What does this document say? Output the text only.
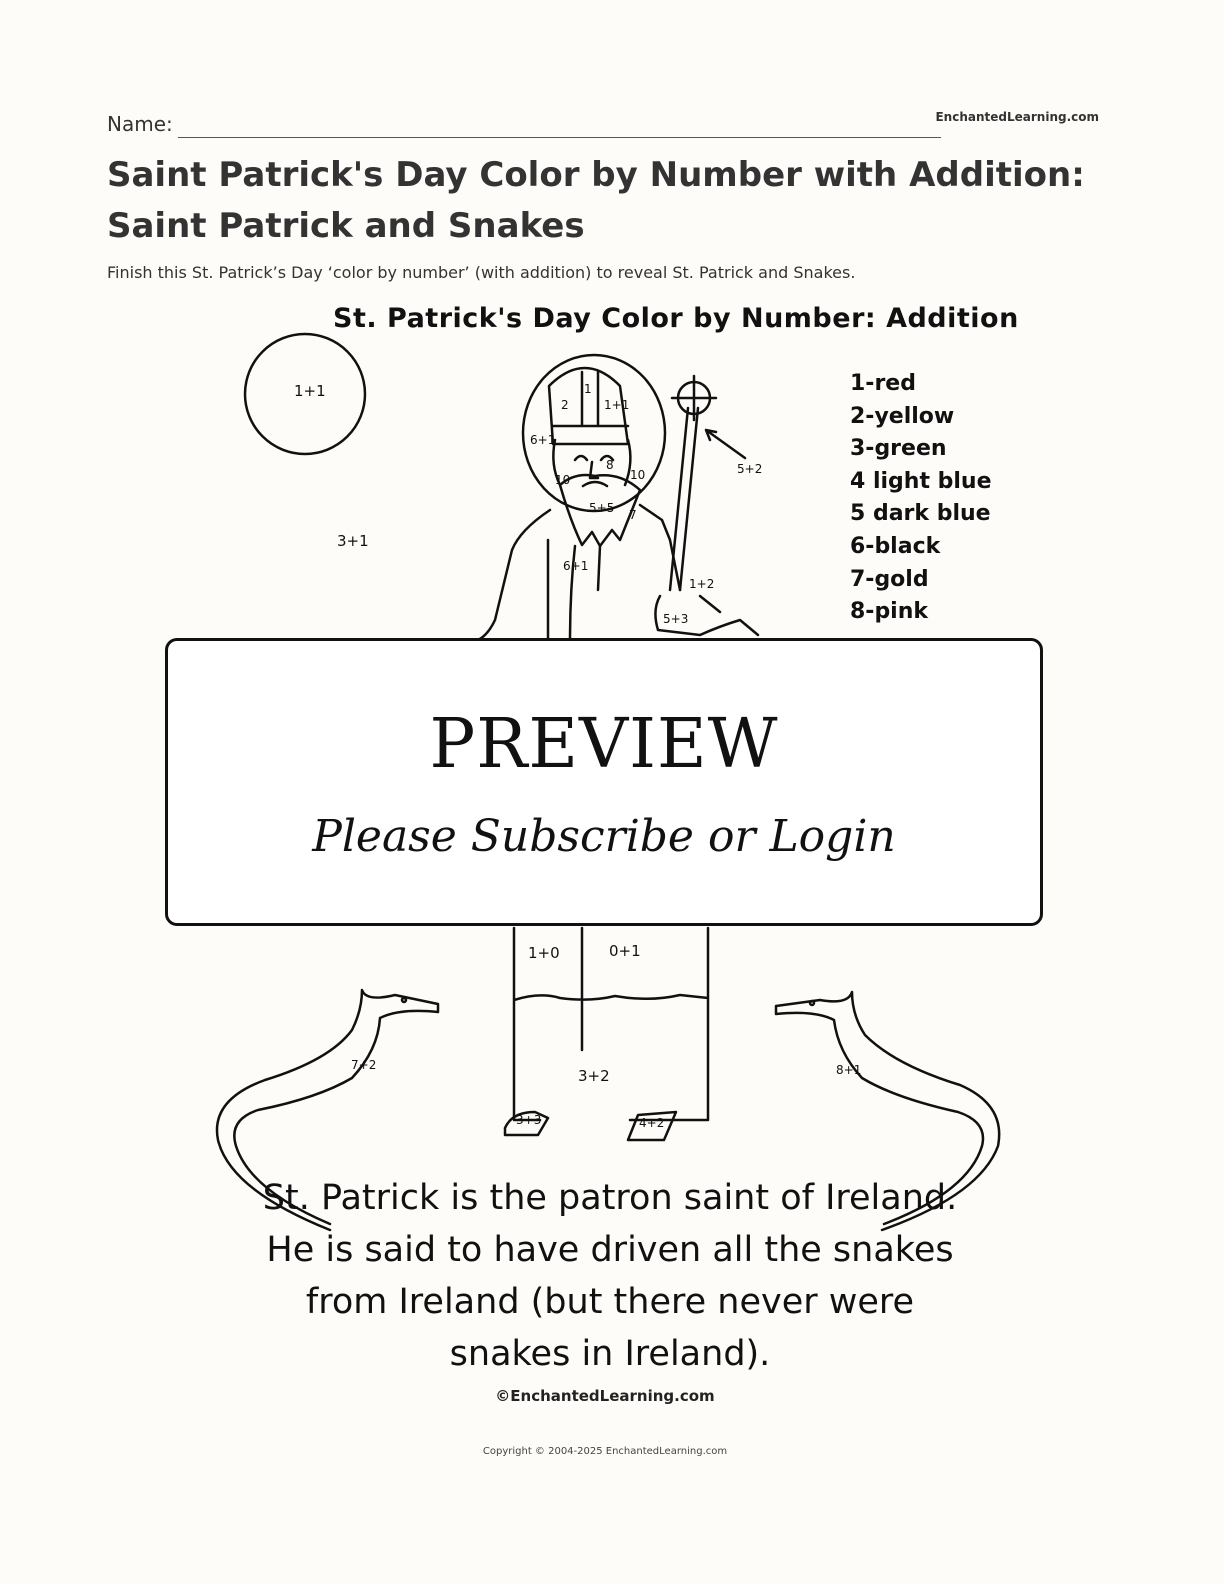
Name:	EnchantedLearning.com
Saint Patrick's Day Color by Number with Addition: Saint Patrick and Snakes
Finish this St. Patrick’s Day ‘color by number’ (with addition) to reveal St. Patrick and Snakes.
St. Patrick's Day Color by Number: Addition
1-red
2-yellow
3-green
4 light blue
5 dark blue
6-black
7-gold
8-pink
1+1
3+1
1
2	1+1
6+1
10
8
10
5+5 7
6+1
5+2
1+2
5+3
1+0	0+1
3+2
3+3	4+2
7+2	8+1

St. Patrick is the patron saint of Ireland. He is said to have driven all the snakes from Ireland (but there never were snakes in Ireland).

©EnchantedLearning.com
PREVIEW
Please Subscribe or Login
Copyright © 2004-2025 EnchantedLearning.com
